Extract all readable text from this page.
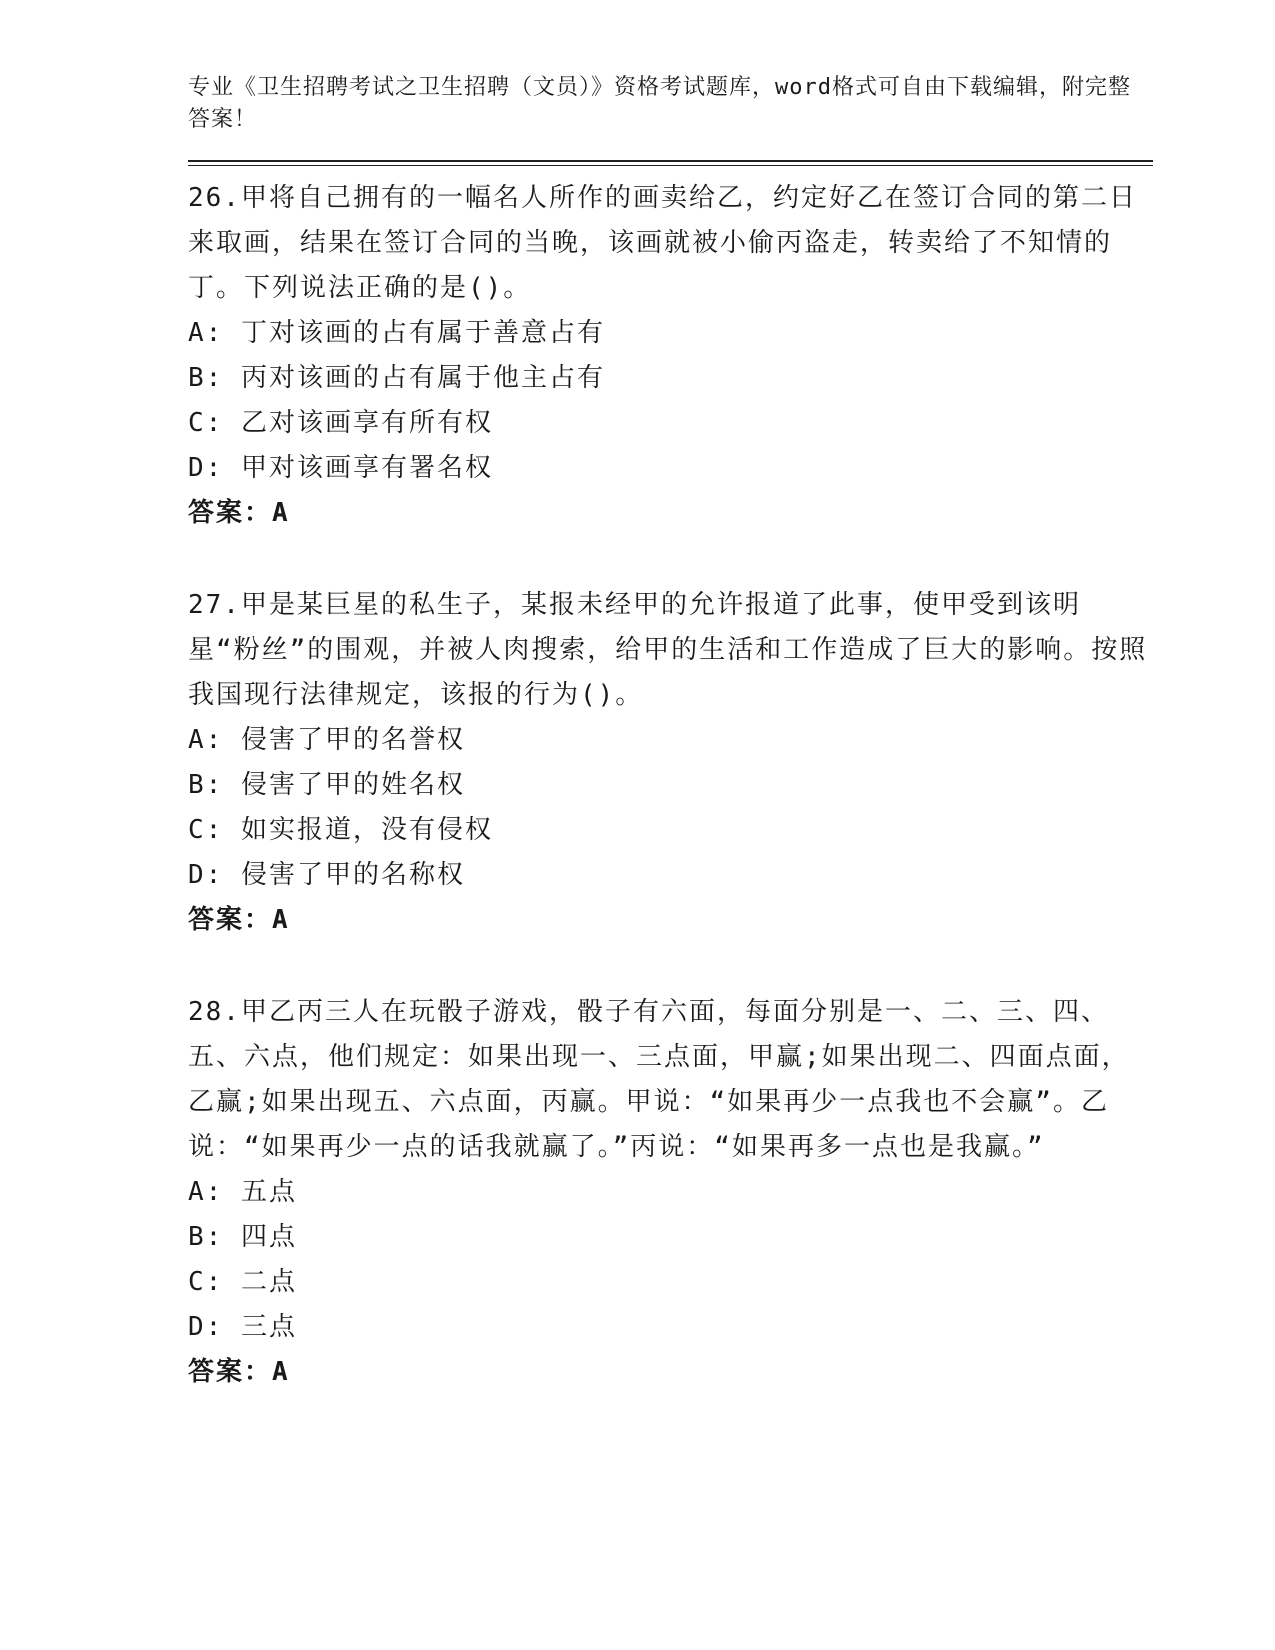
专业《卫生招聘考试之卫生招聘（文员）》资格考试题库，word格式可自由下载编辑，附完整答案！

26.甲将自己拥有的一幅名人所作的画卖给乙，约定好乙在签订合同的第二日来取画，结果在签订合同的当晚，该画就被小偷丙盗走，转卖给了不知情的丁。下列说法正确的是()。

A: 丁对该画的占有属于善意占有

B: 丙对该画的占有属于他主占有

C: 乙对该画享有所有权

D: 甲对该画享有署名权

答案：A

27.甲是某巨星的私生子，某报未经甲的允许报道了此事，使甲受到该明星“粉丝”的围观，并被人肉搜索，给甲的生活和工作造成了巨大的影响。按照我国现行法律规定，该报的行为()。

A: 侵害了甲的名誉权

B: 侵害了甲的姓名权

C: 如实报道，没有侵权

D: 侵害了甲的名称权

答案：A

28.甲乙丙三人在玩骰子游戏，骰子有六面，每面分别是一、二、三、四、五、六点，他们规定：如果出现一、三点面，甲赢;如果出现二、四面点面，乙赢;如果出现五、六点面，丙赢。甲说：“如果再少一点我也不会赢”。乙说：“如果再少一点的话我就赢了。”丙说：“如果再多一点也是我赢。”

A: 五点

B: 四点

C: 二点

D: 三点

答案：A
